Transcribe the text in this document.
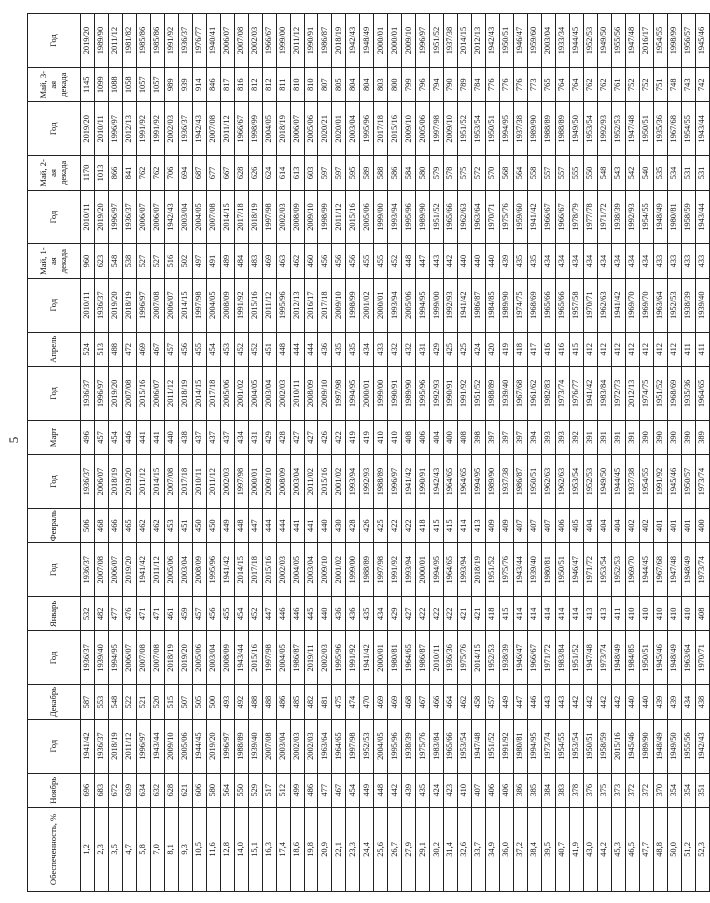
5
Обеспеченность, %	Ноябрь	Год	Декабрь	Год	Январь	Год	Февраль	Год	Март	Год	Апрель	Год	Май, 1-ая декада	Год	Май, 2-ая декада	Год	Май, 3-ая декада	Год
1,2	696	1941/42	587	1936/37	532	1936/37	506	1936/37	496	1936/37	524	2010/11	960	2010/11	1170	2019/20	1145	2019/20
2,3	683	1936/37	553	1939/40	482	2007/08	468	2006/07	457	1996/97	513	1936/37	623	2019/20	1013	2010/11	1099	1989/90
3,5	672	2018/19	548	1994/95	477	2006/07	466	2018/19	454	2019/20	488	2019/20	548	1996/97	866	1996/97	1088	2011/12
4,7	639	2011/12	522	2006/07	476	2019/20	465	2019/20	446	2007/08	472	2018/19	538	1936/37	841	2012/13	1058	1981/82
5,8	634	1996/97	521	2007/08	471	1941/42	462	2011/12	441	2015/16	469	1996/97	527	2006/07	762	1991/92	1057	1985/86
7,0	632	1943/44	520	2007/08	471	2011/12	462	2014/15	441	2006/07	467	2007/08	527	2006/07	762	1991/92	1057	1985/86
8,1	628	2009/10	515	2018/19	461	2005/06	453	2007/08	440	2011/12	457	2006/07	516	1942/43	706	2002/03	989	1991/92
9,3	621	2005/06	507	2019/20	459	2003/04	451	2017/18	438	2018/19	456	2014/15	502	2003/04	694	1936/37	939	1936/37
10,5	606	1944/45	505	2005/06	457	2008/09	450	2010/11	437	2014/15	455	1997/98	497	2004/05	687	1942/43	914	1976/77
11,6	580	2019/20	500	2003/04	456	1995/96	450	2011/12	437	2017/18	454	2004/05	491	2007/08	677	2007/08	846	1940/41
12,8	564	1996/97	493	2008/09	455	1941/42	449	2002/03	437	2005/06	453	2008/09	489	2014/15	667	2011/12	817	2006/07
14,0	550	1988/89	492	1943/44	454	2014/15	448	1997/98	434	2001/02	452	1991/92	484	2017/18	628	1966/67	816	2007/08
15,1	529	1939/40	488	2015/16	452	2017/18	447	2000/01	431	2004/05	452	2015/16	483	2018/19	626	1998/99	812	2002/03
16,3	517	2007/08	488	1997/98	447	2015/16	444	2009/10	429	2003/04	451	2011/12	469	1997/98	624	2004/05	812	1966/67
17,4	512	2003/04	486	2004/05	446	2002/03	444	2008/09	428	2002/03	448	1995/96	463	2002/03	614	2018/19	811	1999/00
18,6	499	2002/03	485	1986/87	446	2004/05	441	2003/04	427	2010/11	444	2012/13	462	2008/09	613	2006/07	810	2011/12
19,8	486	2002/03	482	2019/11	445	2003/04	441	2011/02	427	2008/09	444	2016/17	460	2009/10	603	2005/06	810	1990/91
20,9	477	1963/64	481	2002/03	440	2009/10	440	2015/16	426	2009/10	436	2017/18	456	1998/99	597	2020/21	807	1986/87
22,1	467	1964/65	475	1995/96	436	2001/02	430	2001/02	422	1997/98	435	2009/10	456	2011/12	597	2020/01	805	2018/19
23,3	454	1997/98	474	1991/92	436	1999/00	428	1993/94	419	1994/95	435	1998/99	456	2015/16	595	2003/04	804	1942/43
24,4	449	1952/53	470	1941/42	435	1988/89	426	1992/93	419	2000/01	434	2001/02	455	2005/06	589	1995/96	804	1948/49
25,6	448	2004/05	469	2000/01	434	1997/98	425	1988/89	410	1999/00	433	2000/01	455	1999/00	588	2017/18	803	2000/01
26,7	442	1995/96	469	1980/81	429	1991/92	422	1996/97	410	1990/91	432	1993/94	452	1993/94	586	2015/16	800	2000/01
27,9	439	1938/39	468	1964/65	427	1993/94	422	1941/42	408	1989/90	432	2005/06	448	1995/96	584	2009/10	799	2009/10
29,1	435	1975/76	467	1986/87	422	2000/01	418	1990/91	406	1995/96	431	1994/95	447	1989/90	580	2005/06	796	1996/97
30,2	424	1983/84	466	2010/11	422	1994/95	415	1942/43	404	1992/93	429	1999/00	443	1951/52	579	1997/98	794	1951/52
31,4	423	1965/66	464	1936/36	422	1964/65	415	1964/65	400	1990/91	425	1992/93	442	1965/66	578	2009/10	790	1937/38
32,6	410	1953/54	462	1975/76	421	1993/94	414	1964/65	408	1991/92	425	1941/42	440	1962/63	575	1951/52	789	2014/15
33,7	407	1947/48	458	2014/15	421	2018/19	413	1994/95	398	1951/52	424	1986/87	440	1963/64	572	1953/54	784	2012/13
34,9	406	1951/52	457	1952/53	418	1951/52	409	1989/90	397	1988/89	420	1984/85	440	1970/71	570	1950/51	776	1942/43
36,0	406	1991/92	449	1938/39	415	1975/76	409	1937/38	397	1939/40	419	1989/90	439	1975/76	568	1994/95	776	1950/51
37,2	386	1980/81	447	1946/47	414	1943/44	407	1986/87	397	1967/68	418	1974/75	435	1959/60	564	1937/38	776	1946/47
38,4	385	1994/95	446	1966/67	414	1939/40	407	1950/51	394	1961/62	417	1968/69	435	1941/42	558	1989/90	773	1959/60
39,5	384	1973/74	443	1971/72	414	1980/81	407	1962/63	393	1982/83	416	1965/66	434	1966/67	557	1988/89	765	2003/04
40,7	383	1954/55	443	1983/84	414	1950/51	406	1962/63	393	1973/74	416	1965/66	434	1966/67	557	1988/89	764	1933/34
41,9	378	1953/54	442	1951/52	414	1946/47	405	1953/54	392	1976/77	415	1957/58	434	1978/79	555	1949/50	764	1944/45
43,0	376	1950/51	442	1947/48	413	1971/72	404	1952/53	391	1941/42	412	1970/71	434	1977/78	550	1953/54	762	1952/53
44,2	375	1958/59	442	1973/74	413	1953/54	404	1949/50	391	1983/84	412	1962/63	434	1971/72	548	1992/93	762	1949/50
45,3	373	2015/16	442	1948/49	411	1952/53	404	1944/45	391	1972/73	412	1941/42	434	1938/39	543	1952/53	761	1955/56
46,5	372	1945/46	440	1984/85	410	1969/70	402	1937/38	391	2012/13	412	1969/70	434	1992/93	542	1947/48	752	1947/48
47,7	372	1989/90	440	1950/51	410	1944/45	402	1954/55	390	1974/75	412	1969/70	434	1954/55	540	1950/51	752	2016/17
48,8	370	1948/49	439	1945/46	410	1967/68	401	1991/92	390	1951/52	412	1963/64	433	1948/49	535	1935/36	751	1954/55
50,0	354	1949/50	439	1948/49	410	1947/48	401	1945/46	390	1968/69	412	1952/53	433	1980/81	534	1967/68	748	1998/99
51,2	354	1955/56	434	1963/64	410	1948/49	401	1950/57	390	1935/36	411	1938/39	433	1958/59	531	1954/55	743	1956/57
52,3	351	1942/43	438	1970/71	408	1973/74	400	1973/74	389	1964/65	411	1939/40	433	1943/44	531	1943/44	742	1945/46
